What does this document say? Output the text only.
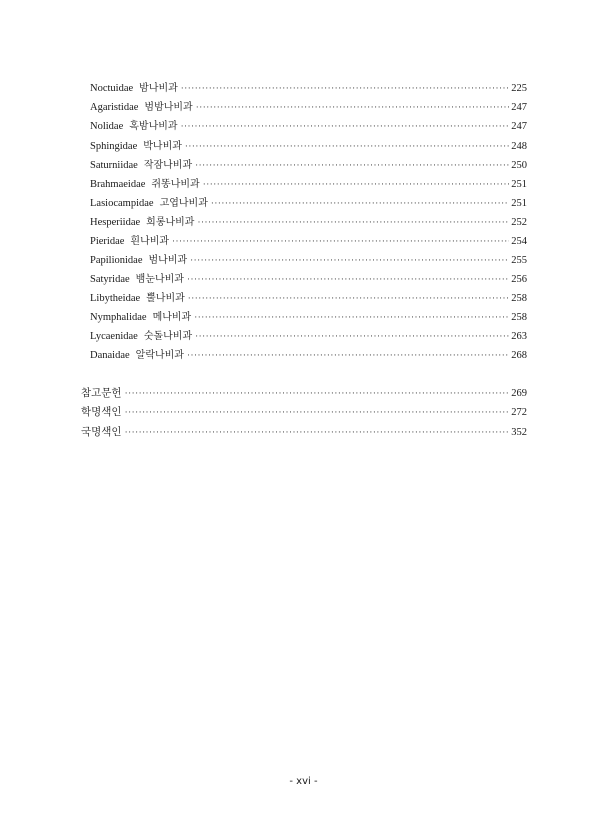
Noctuidae 밤나비과 ·····	225
Agaristidae 범밤나비과 ·····	247
Nolidae 혹밤나비과 ·····	247
Sphingidae 박나비과 ·····	248
Saturniidae 작잠나비과 ·····	250
Brahmaeidae 쥐똥나비과 ·····	251
Lasiocampidae 고엽나비과 ·····	251
Hesperiidae 희롱나비과 ·····	252
Pieridae 흰나비과 ·····	254
Papilionidae 범나비과 ·····	255
Satyridae 뱀눈나비과 ·····	256
Libytheidae 뿔나비과 ·····	258
Nymphalidae 메나비과 ·····	258
Lycaenidae 숫돌나비과 ·····	263
Danaidae 알락나비과 ·····	268
참고문헌 ·····	269
학명색인 ·····	272
국명색인 ·····	352
- xvi -
